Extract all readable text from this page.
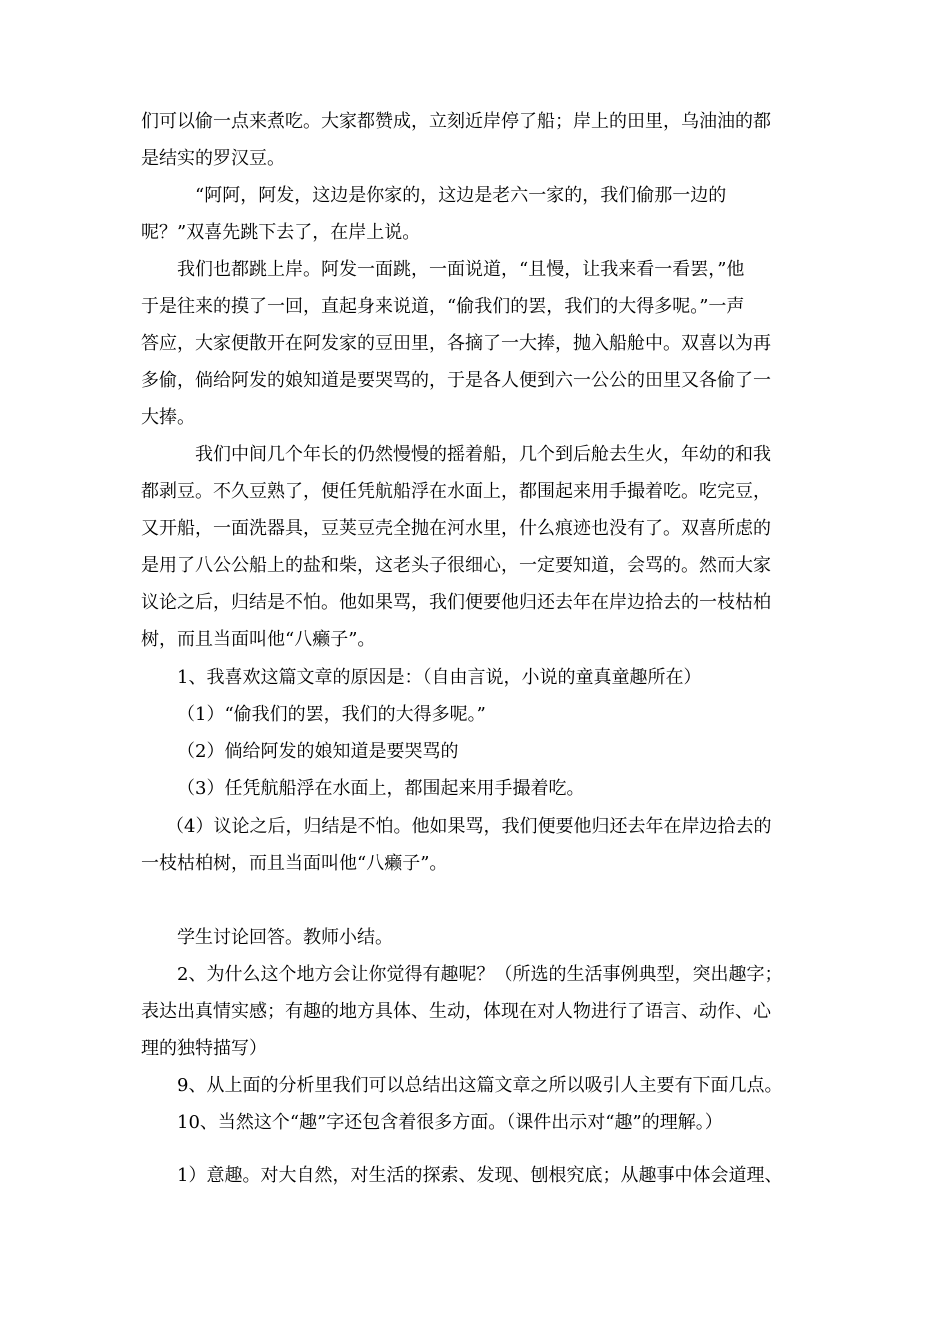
们可以偷一点来煮吃。大家都赞成，立刻近岸停了船；岸上的田里，乌油油的都
是结实的罗汉豆。
“阿阿，阿发，这边是你家的，这边是老六一家的，我们偷那一边的
呢？”双喜先跳下去了，在岸上说。
我们也都跳上岸。阿发一面跳，一面说道，“且慢，让我来看一看罢，”他
于是往来的摸了一回，直起身来说道，“偷我们的罢，我们的大得多呢。”一声
答应，大家便散开在阿发家的豆田里，各摘了一大捧，抛入船舱中。双喜以为再
多偷，倘给阿发的娘知道是要哭骂的，于是各人便到六一公公的田里又各偷了一
大捧。
我们中间几个年长的仍然慢慢的摇着船，几个到后舱去生火，年幼的和我
都剥豆。不久豆熟了，便任凭航船浮在水面上，都围起来用手撮着吃。吃完豆，
又开船，一面洗器具，豆荚豆壳全抛在河水里，什么痕迹也没有了。双喜所虑的
是用了八公公船上的盐和柴，这老头子很细心，一定要知道，会骂的。然而大家
议论之后，归结是不怕。他如果骂，我们便要他归还去年在岸边拾去的一枝枯柏
树，而且当面叫他“八癞子”。
1、我喜欢这篇文章的原因是：（自由言说，小说的童真童趣所在）
（1）“偷我们的罢，我们的大得多呢。”
（2）倘给阿发的娘知道是要哭骂的
（3）任凭航船浮在水面上，都围起来用手撮着吃。
（4）议论之后，归结是不怕。他如果骂，我们便要他归还去年在岸边拾去的
一枝枯柏树，而且当面叫他“八癞子”。
学生讨论回答。教师小结。
2、为什么这个地方会让你觉得有趣呢？（所选的生活事例典型，突出趣字；
表达出真情实感；有趣的地方具体、生动，体现在对人物进行了语言、动作、心
理的独特描写）
9、从上面的分析里我们可以总结出这篇文章之所以吸引人主要有下面几点。
10、当然这个“趣”字还包含着很多方面。（课件出示对“趣”的理解。）
1）意趣。对大自然，对生活的探索、发现、刨根究底；从趣事中体会道理、
